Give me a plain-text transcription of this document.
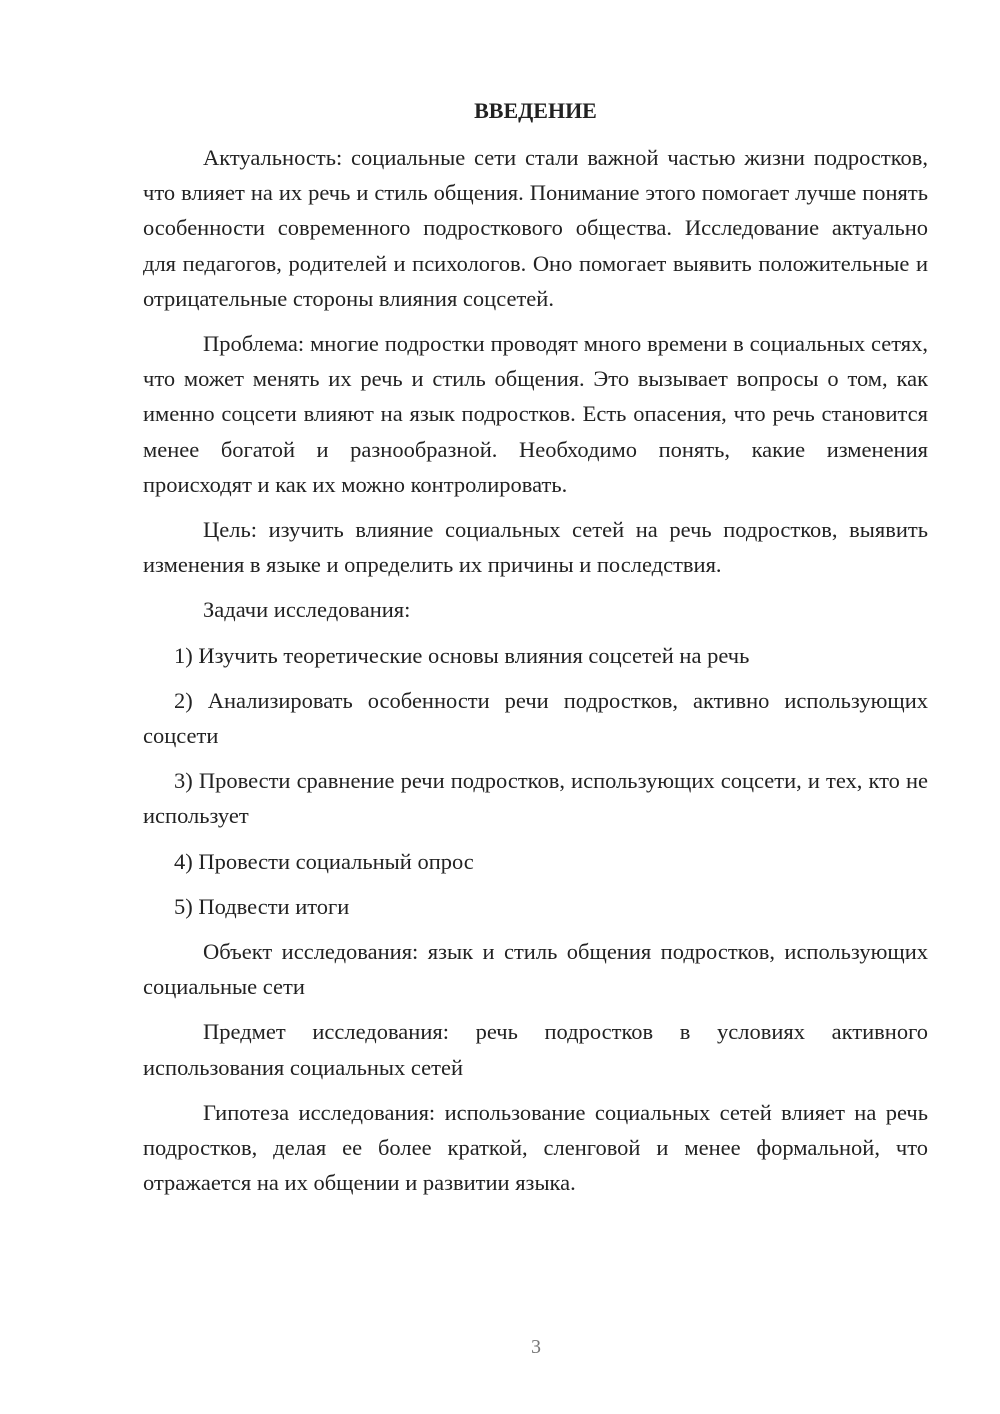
ВВЕДЕНИЕ

Актуальность: социальные сети стали важной частью жизни подростков, что влияет на их речь и стиль общения. Понимание этого помогает лучше понять особенности современного подросткового общества. Исследование актуально для педагогов, родителей и психологов. Оно помогает выявить положительные и отрицательные стороны влияния соцсетей.

Проблема: многие подростки проводят много времени в социальных сетях, что может менять их речь и стиль общения. Это вызывает вопросы о том, как именно соцсети влияют на язык подростков. Есть опасения, что речь становится менее богатой и разнообразной. Необходимо понять, какие изменения происходят и как их можно контролировать.

Цель: изучить влияние социальных сетей на речь подростков, выявить изменения в языке и определить их причины и последствия.

Задачи исследования:

1) Изучить теоретические основы влияния соцсетей на речь

2) Анализировать особенности речи подростков, активно использующих соцсети

3) Провести сравнение речи подростков, использующих соцсети, и тех, кто не использует

4) Провести социальный опрос

5) Подвести итоги

Объект исследования: язык и стиль общения подростков, использующих социальные сети

Предмет исследования: речь подростков в условиях активного использования социальных сетей

Гипотеза исследования: использование социальных сетей влияет на речь подростков, делая ее более краткой, сленговой и менее формальной, что отражается на их общении и развитии языка.

3
